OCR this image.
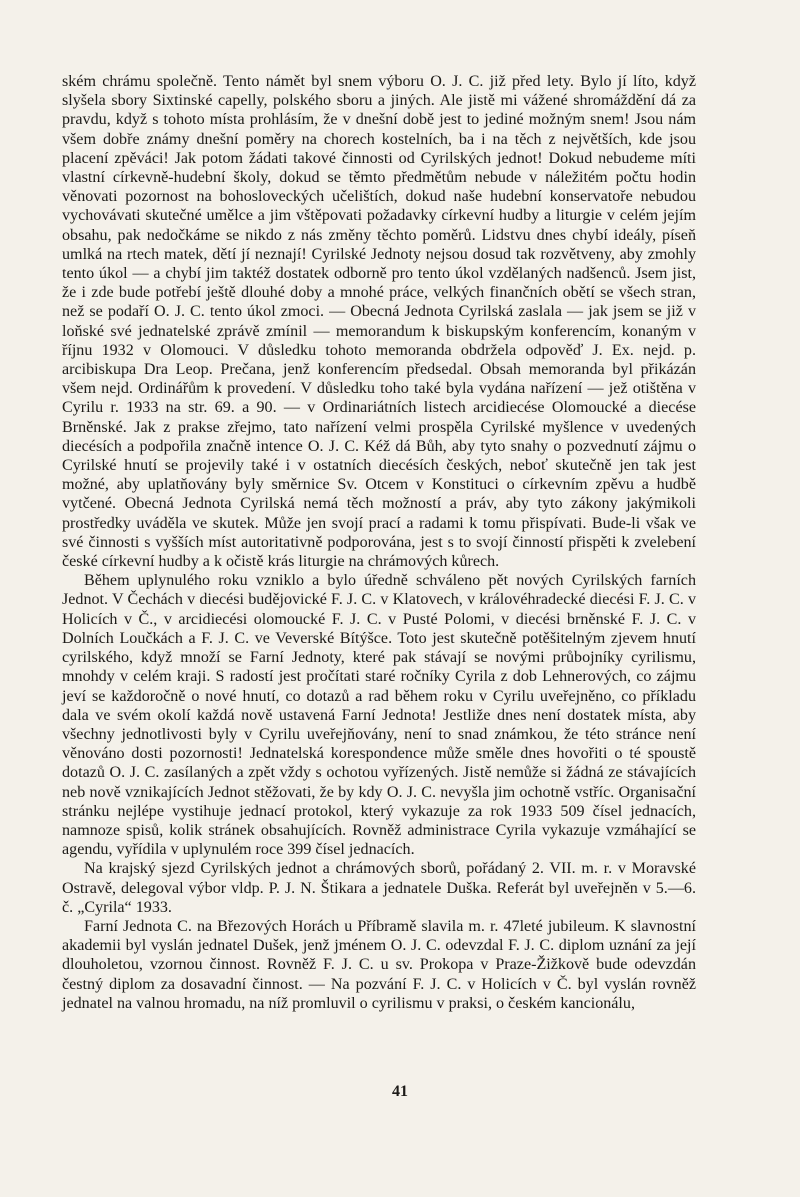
ském chrámu společně. Tento námět byl snem výboru O. J. C. již před lety. Bylo jí líto, když slyšela sbory Sixtinské capelly, polského sboru a jiných. Ale jistě mi vážené shromáždění dá za pravdu, když s tohoto místa prohlásím, že v dnešní době jest to jediné možným snem! Jsou nám všem dobře známy dnešní poměry na chorech kostelních, ba i na těch z největších, kde jsou placení zpěváci! Jak potom žádati takové činnosti od Cyrilských jednot! Dokud nebudeme míti vlastní církevně-hudební školy, dokud se těmto předmětům nebude v náležitém počtu hodin věnovati pozornost na bohosloveckých učelištích, dokud naše hudební konservatoře nebudou vychovávati skutečné umělce a jim vštěpovati požadavky církevní hudby a liturgie v celém jejím obsahu, pak nedočkáme se nikdo z nás změny těchto poměrů. Lidstvu dnes chybí ideály, píseň umlká na rtech matek, dětí jí neznají! Cyrilské Jednoty nejsou dosud tak rozvětveny, aby zmohly tento úkol — a chybí jim taktéž dostatek odborně pro tento úkol vzdělaných nadšenců. Jsem jist, že i zde bude potřebí ještě dlouhé doby a mnohé práce, velkých finančních obětí se všech stran, než se podaří O. J. C. tento úkol zmoci. — Obecná Jednota Cyrilská zaslala — jak jsem se již v loňské své jednatelské zprávě zmínil — memorandum k biskupským konferencím, konaným v říjnu 1932 v Olomouci. V důsledku tohoto memoranda obdržela odpověď J. Ex. nejd. p. arcibiskupa Dra Leop. Prečana, jenž konferencím předsedal. Obsah memoranda byl přikázán všem nejd. Ordinářům k provedení. V důsledku toho také byla vydána nařízení — jež otištěna v Cyrilu r. 1933 na str. 69. a 90. — v Ordinariátních listech arcidiecése Olomoucké a diecése Brněnské. Jak z prakse zřejmo, tato nařízení velmi prospěla Cyrilské myšlence v uvedených diecésích a podpořila značně intence O. J. C. Kéž dá Bůh, aby tyto snahy o pozvednutí zájmu o Cyrilské hnutí se projevily také i v ostatních diecésích českých, neboť skutečně jen tak jest možné, aby uplatňovány byly směrnice Sv. Otcem v Konstituci o církevním zpěvu a hudbě vytčené. Obecná Jednota Cyrilská nemá těch možností a práv, aby tyto zákony jakýmikoli prostředky uváděla ve skutek. Může jen svojí prací a radami k tomu přispívati. Bude-li však ve své činnosti s vyšších míst autoritativně podporována, jest s to svojí činností přispěti k zvelebení české církevní hudby a k očistě krás liturgie na chrámových kůrech.

Během uplynulého roku vzniklo a bylo úředně schváleno pět nových Cyrilských farních Jednot. V Čechách v diecési budějovické F. J. C. v Klatovech, v královéhradecké diecési F. J. C. v Holicích v Č., v arcidiecési olomoucké F. J. C. v Pusté Polomi, v diecési brněnské F. J. C. v Dolních Loučkách a F. J. C. ve Veverské Bítýšce. Toto jest skutečně potěšitelným zjevem hnutí cyrilského, když množí se Farní Jednoty, které pak stávají se novými průbojníky cyrilismu, mnohdy v celém kraji. S radostí jest pročítati staré ročníky Cyrila z dob Lehnerových, co zájmu jeví se každoročně o nové hnutí, co dotazů a rad během roku v Cyrilu uveřejněno, co příkladu dala ve svém okolí každá nově ustavená Farní Jednota! Jestliže dnes není dostatek místa, aby všechny jednotlivosti byly v Cyrilu uveřejňovány, není to snad známkou, že této stránce není věnováno dosti pozornosti! Jednatelská korespondence může směle dnes hovořiti o té spoustě dotazů O. J. C. zasílaných a zpět vždy s ochotou vyřízených. Jistě nemůže si žádná ze stávajících neb nově vznikajících Jednot stěžovati, že by kdy O. J. C. nevyšla jim ochotně vstříc. Organisační stránku nejlépe vystihuje jednací protokol, který vykazuje za rok 1933 509 čísel jednacích, namnoze spisů, kolik stránek obsahujících. Rovněž administrace Cyrila vykazuje vzmáhající se agendu, vyřídila v uplynulém roce 399 čísel jednacích.

Na krajský sjezd Cyrilských jednot a chrámových sborů, pořádaný 2. VII. m. r. v Moravské Ostravě, delegoval výbor vldp. P. J. N. Štikara a jednatele Duška. Referát byl uveřejněn v 5.—6. č. „Cyrila“ 1933.

Farní Jednota C. na Březových Horách u Příbramě slavila m. r. 47leté jubileum. K slavnostní akademii byl vyslán jednatel Dušek, jenž jménem O. J. C. odevzdal F. J. C. diplom uznání za její dlouholetou, vzornou činnost. Rovněž F. J. C. u sv. Prokopa v Praze-Žižkově bude odevzdán čestný diplom za dosavadní činnost. — Na pozvání F. J. C. v Holicích v Č. byl vyslán rovněž jednatel na valnou hromadu, na níž promluvil o cyrilismu v praksi, o českém kancionálu,

41
